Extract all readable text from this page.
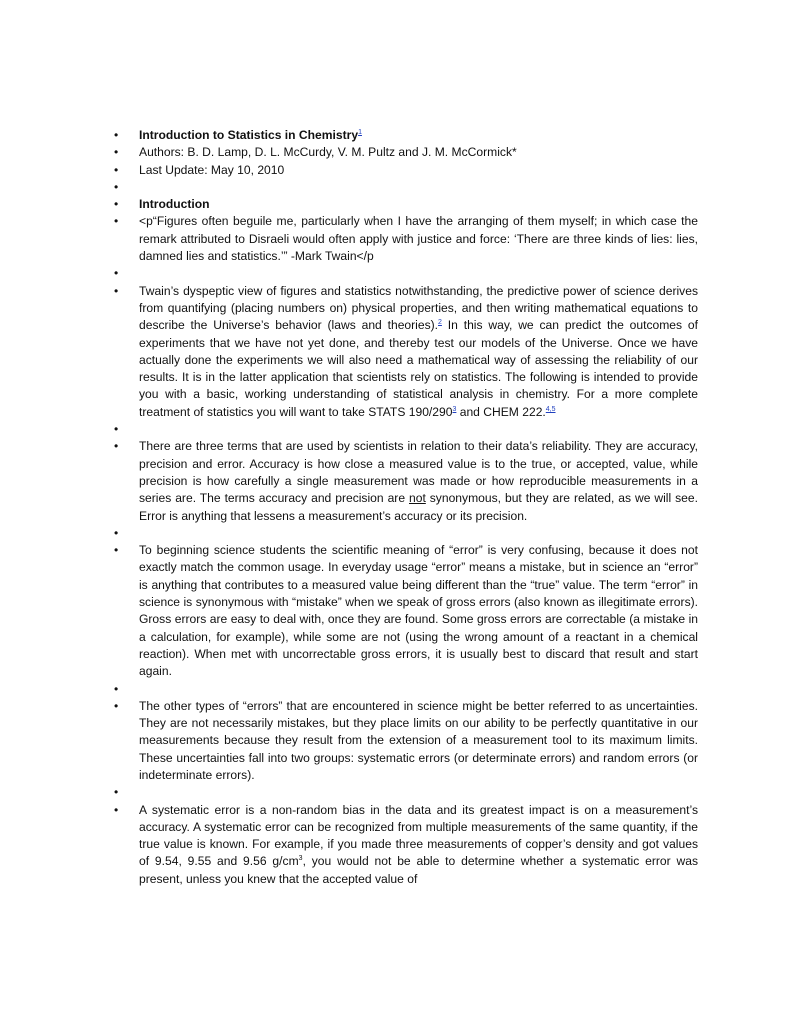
• Introduction to Statistics in Chemistry$^1$
• Authors: B. D. Lamp, D. L. McCurdy, V. M. Pultz and J. M. McCormick*
• Last Update: May 10, 2010
•
• Introduction
• <p“Figures often beguile me, particularly when I have the arranging of them myself; in which case the remark attributed to Disraeli would often apply with justice and force: ‘There are three kinds of lies: lies, damned lies and statistics.’” -Mark Twain</p
•
• Twain’s dyspeptic view of figures and statistics notwithstanding, the predictive power of science derives from quantifying (placing numbers on) physical properties, and then writing mathematical equations to describe the Universe’s behavior (laws and theories).$^2$ In this way, we can predict the outcomes of experiments that we have not yet done, and thereby test our models of the Universe. Once we have actually done the experiments we will also need a mathematical way of assessing the reliability of our results. It is in the latter application that scientists rely on statistics. The following is intended to provide you with a basic, working understanding of statistical analysis in chemistry. For a more complete treatment of statistics you will want to take STATS 190/290$^3$ and CHEM 222.$^{4,5}$
•
• There are three terms that are used by scientists in relation to their data’s reliability. They are accuracy, precision and error. Accuracy is how close a measured value is to the true, or accepted, value, while precision is how carefully a single measurement was made or how reproducible measurements in a series are. The terms accuracy and precision are not synonymous, but they are related, as we will see. Error is anything that lessens a measurement’s accuracy or its precision.
•
• To beginning science students the scientific meaning of “error” is very confusing, because it does not exactly match the common usage. In everyday usage “error” means a mistake, but in science an “error” is anything that contributes to a measured value being different than the “true” value. The term “error” in science is synonymous with “mistake” when we speak of gross errors (also known as illegitimate errors). Gross errors are easy to deal with, once they are found. Some gross errors are correctable (a mistake in a calculation, for example), while some are not (using the wrong amount of a reactant in a chemical reaction). When met with uncorrectable gross errors, it is usually best to discard that result and start again.
•
• The other types of “errors” that are encountered in science might be better referred to as uncertainties. They are not necessarily mistakes, but they place limits on our ability to be perfectly quantitative in our measurements because they result from the extension of a measurement tool to its maximum limits. These uncertainties fall into two groups: systematic errors (or determinate errors) and random errors (or indeterminate errors).
•
• A systematic error is a non-random bias in the data and its greatest impact is on a measurement’s accuracy. A systematic error can be recognized from multiple measurements of the same quantity, if the true value is known. For example, if you made three measurements of copper’s density and got values of 9.54, 9.55 and 9.56 $g/cm^3$, you would not be able to determine whether a systematic error was present, unless you knew that the accepted value of
